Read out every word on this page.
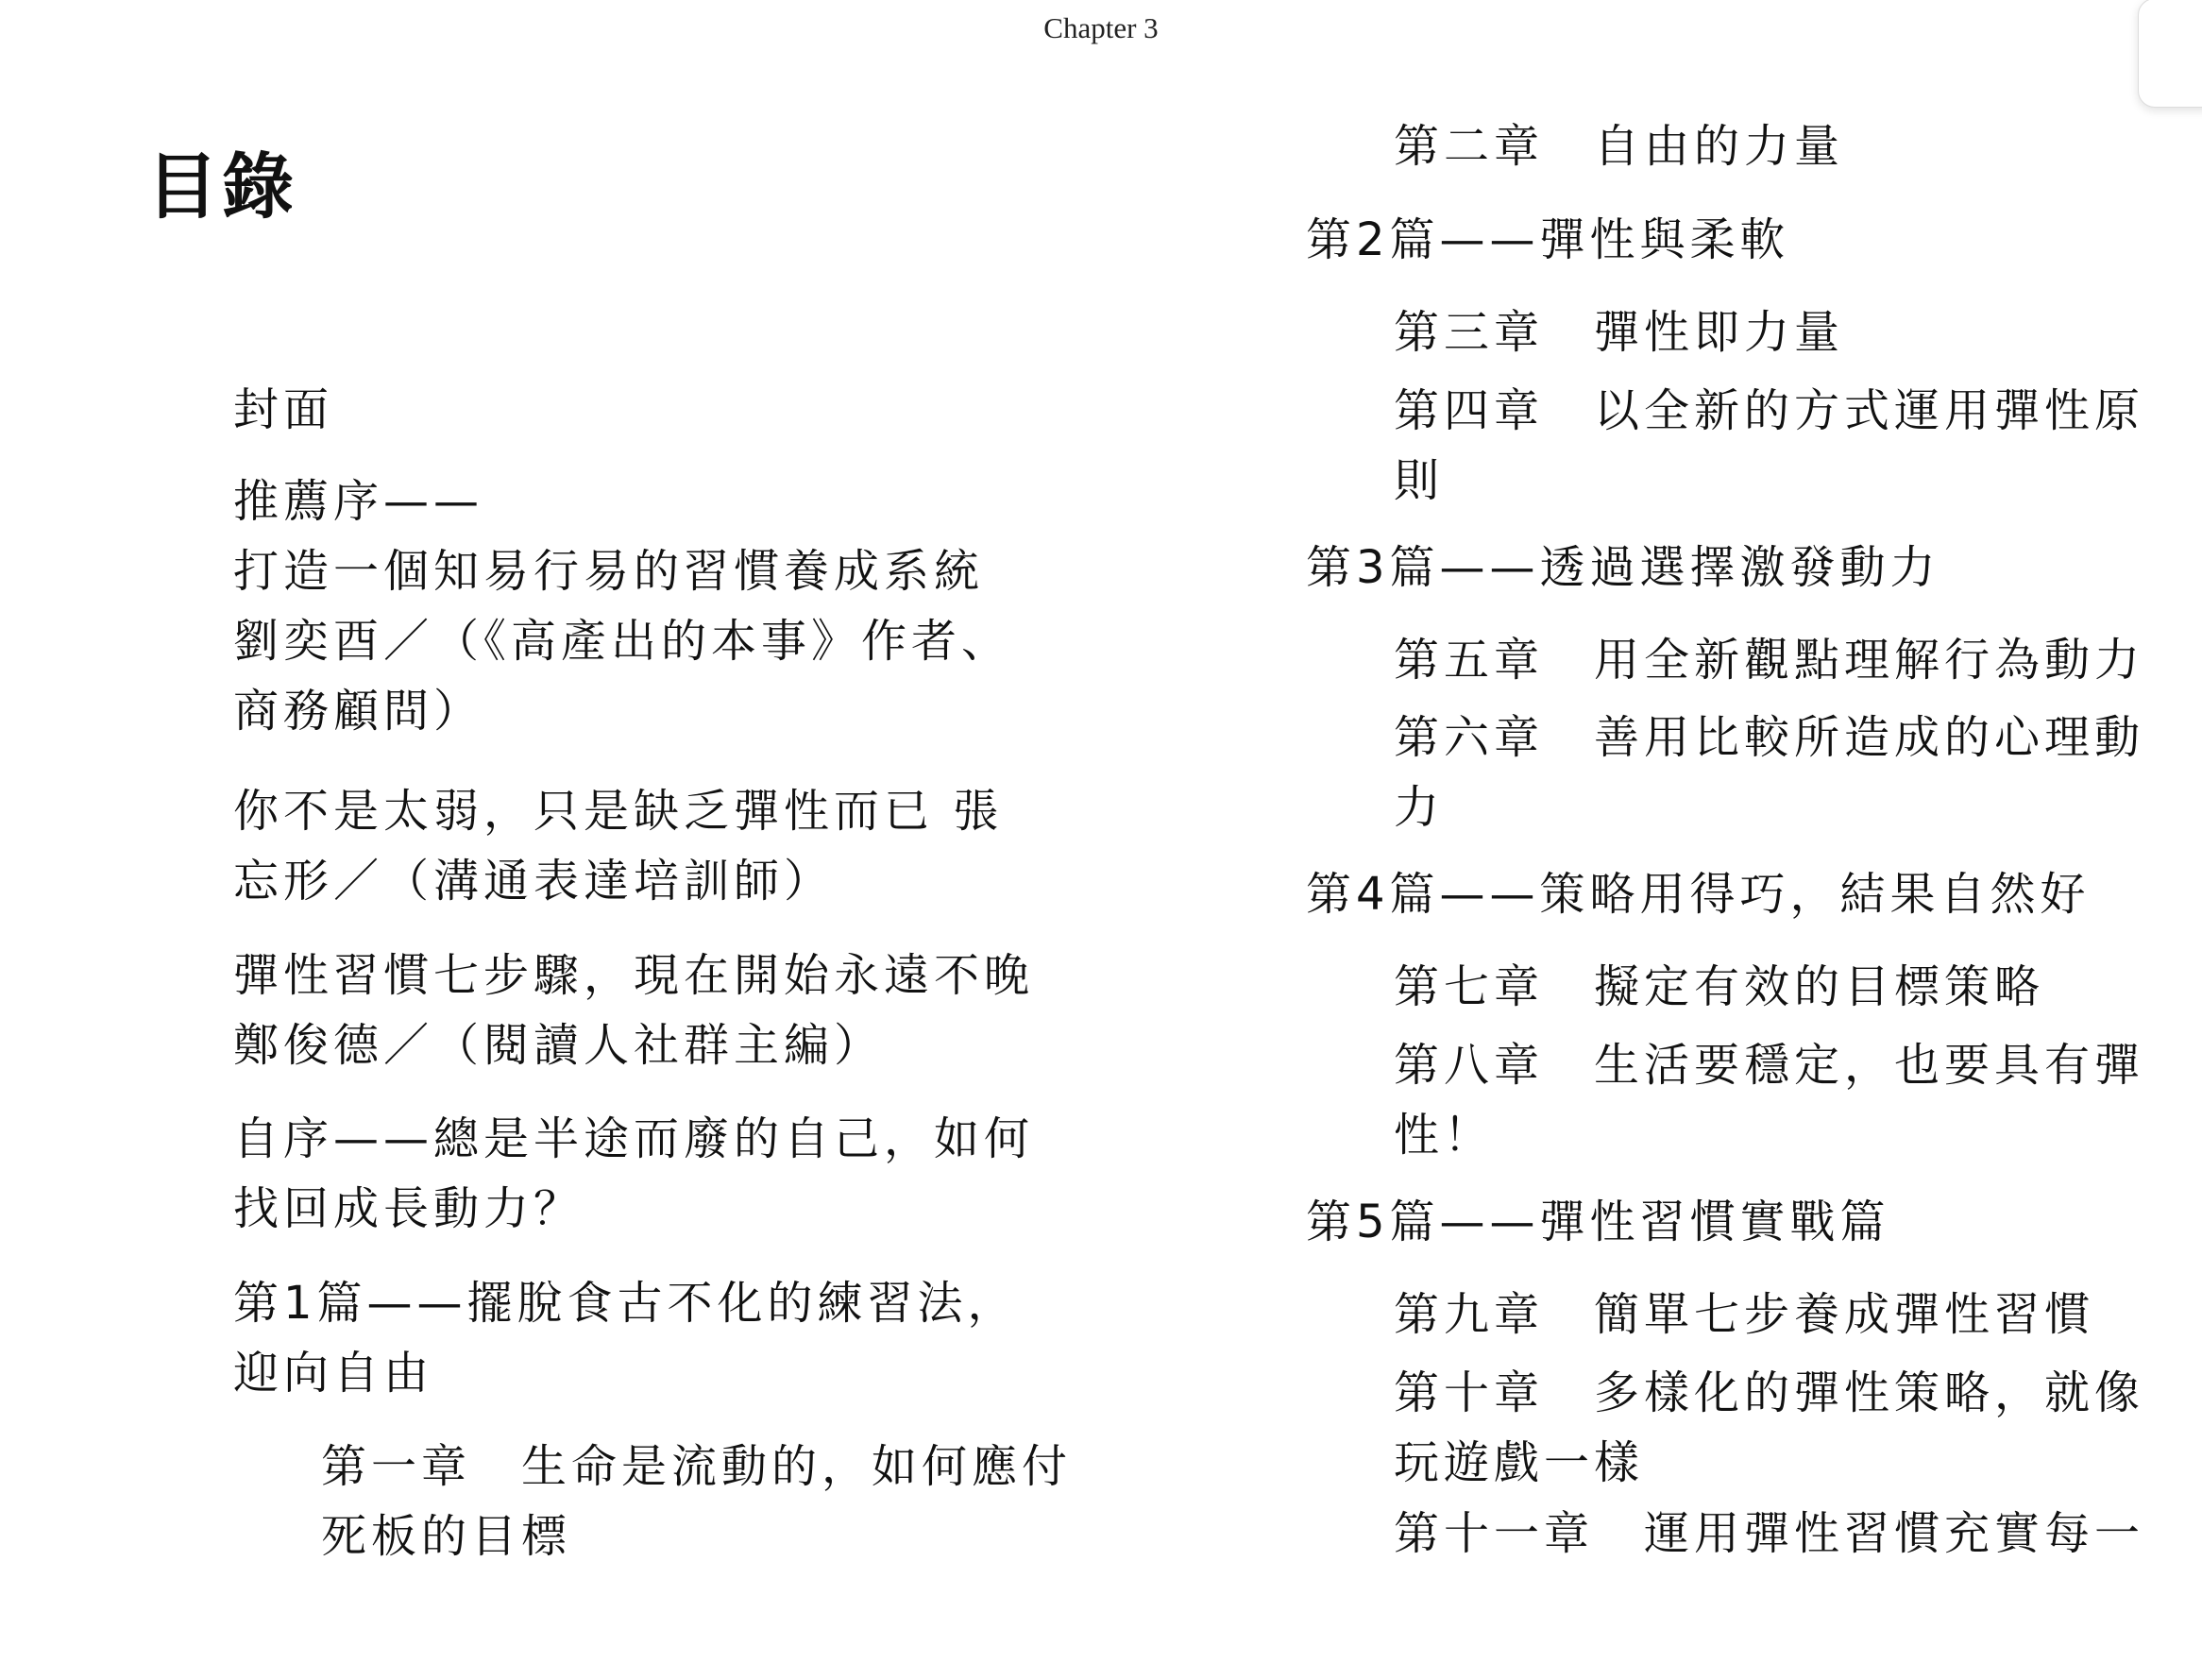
Chapter 3
目錄
封面
推薦序——
打造一個知易行易的習慣養成系統
劉奕酉／（《高產出的本事》作者、
商務顧問）
你不是太弱，只是缺乏彈性而已 張
忘形／（溝通表達培訓師）
彈性習慣七步驟，現在開始永遠不晚
鄭俊德／（閱讀人社群主編）
自序——總是半途而廢的自己，如何
找回成長動力？
第1篇——擺脫食古不化的練習法，
迎向自由
第一章　生命是流動的，如何應付
死板的目標
第二章　自由的力量
第2篇——彈性與柔軟
第三章　彈性即力量
第四章　以全新的方式運用彈性原
則
第3篇——透過選擇激發動力
第五章　用全新觀點理解行為動力
第六章　善用比較所造成的心理動
力
第4篇——策略用得巧，結果自然好
第七章　擬定有效的目標策略
第八章　生活要穩定，也要具有彈
性！
第5篇——彈性習慣實戰篇
第九章　簡單七步養成彈性習慣
第十章　多樣化的彈性策略，就像
玩遊戲一樣
第十一章　運用彈性習慣充實每一
